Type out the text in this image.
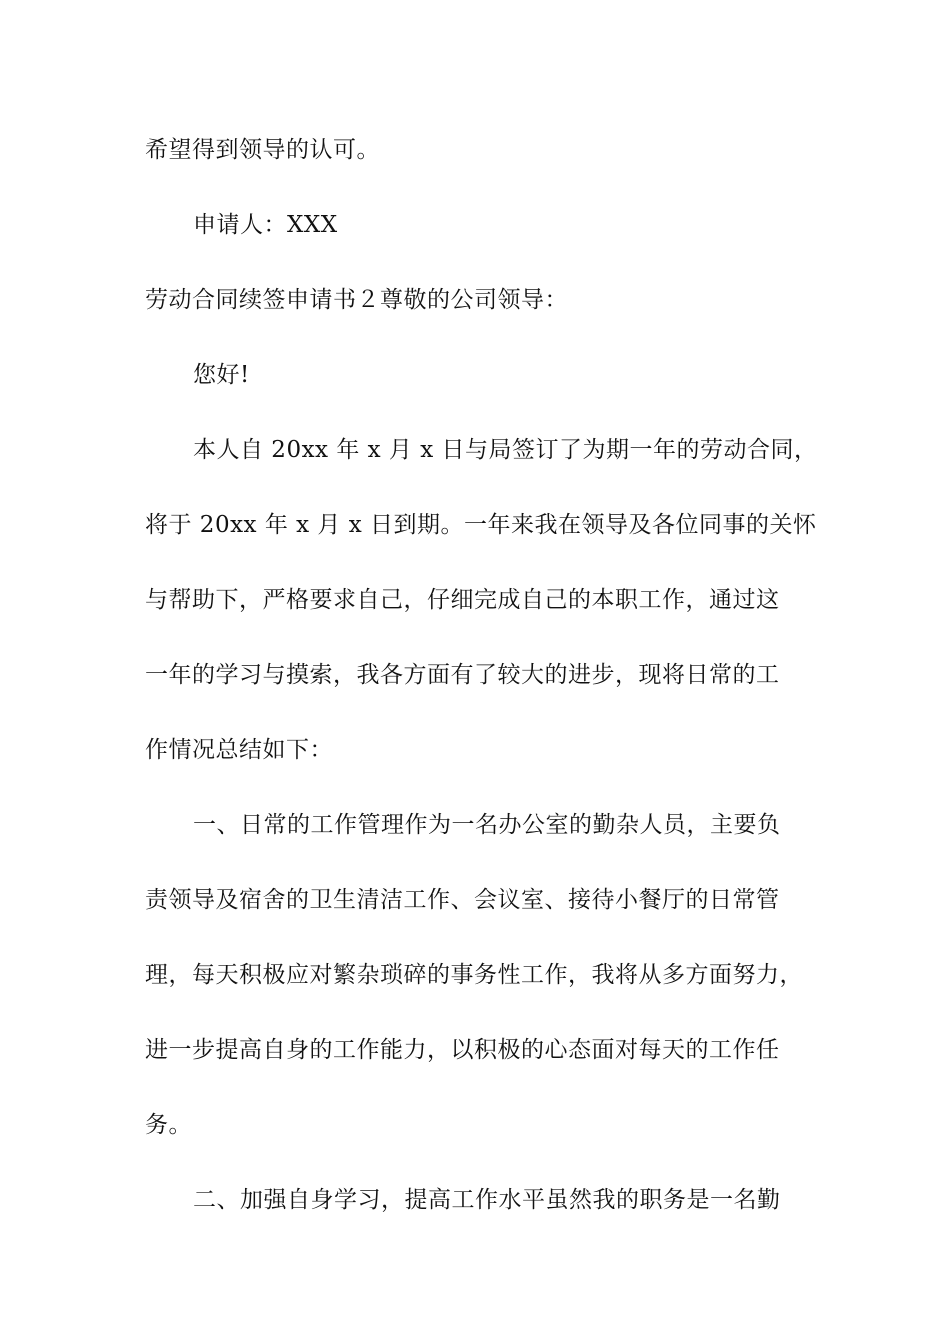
希望得到领导的认可。
申请人：XXX
劳动合同续签申请书２尊敬的公司领导：
您好!
本人自 20xx 年 x 月 x 日与局签订了为期一年的劳动合同，
将于 20xx 年 x 月 x 日到期。一年来我在领导及各位同事的关怀
与帮助下，严格要求自己，仔细完成自己的本职工作，通过这
一年的学习与摸索，我各方面有了较大的进步，现将日常的工
作情况总结如下：
一、日常的工作管理作为一名办公室的勤杂人员，主要负
责领导及宿舍的卫生清洁工作、会议室、接待小餐厅的日常管
理，每天积极应对繁杂琐碎的事务性工作，我将从多方面努力，
进一步提高自身的工作能力，以积极的心态面对每天的工作任
务。
二、加强自身学习，提高工作水平虽然我的职务是一名勤
